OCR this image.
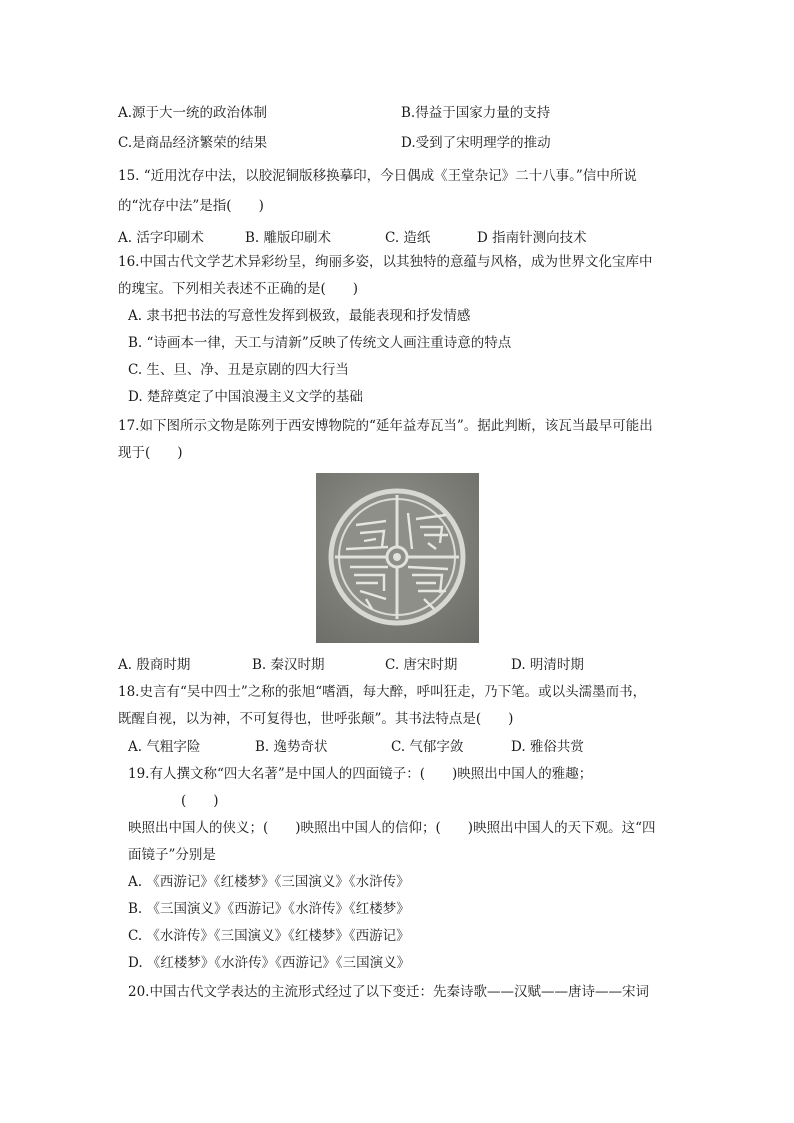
A.源于大一统的政治体制	B.得益于国家力量的支持
C.是商品经济繁荣的结果	D.受到了宋明理学的推动
15. “近用沈存中法，以胶泥铜版移换摹印，今日偶成《王堂杂记》二十八事。”信中所说
的“沈存中法”是指(　　)
A. 活字印刷术	B. 雕版印刷术	C. 造纸	D 指南针测向技术
16.中国古代文学艺术异彩纷呈，绚丽多姿，以其独特的意蕴与风格，成为世界文化宝库中
的瑰宝。下列相关表述不正确的是(　　)
A. 隶书把书法的写意性发挥到极致，最能表现和抒发情感
B. “诗画本一律，天工与清新”反映了传统文人画注重诗意的特点
C. 生、旦、净、丑是京剧的四大行当
D. 楚辞奠定了中国浪漫主义文学的基础
17.如下图所示文物是陈列于西安博物院的“延年益寿瓦当”。据此判断，该瓦当最早可能出
现于(　　)
A. 殷商时期	B. 秦汉时期	C. 唐宋时期	D. 明清时期
18.史言有“吴中四士”之称的张旭“嗜酒，每大醉，呼叫狂走，乃下笔。或以头濡墨而书，
既醒自视，以为神，不可复得也，世呼张颠”。其书法特点是(　　)
A. 气粗字险	B. 逸势奇状	C. 气郁字敛	D. 雅俗共赏
19.有人撰文称“四大名著”是中国人的四面镜子：(　　)映照出中国人的雅趣；
(　　)
映照出中国人的侠义；(　　)映照出中国人的信仰；(　　)映照出中国人的天下观。这“四
面镜子”分别是
A. 《西游记》《红楼梦》《三国演义》《水浒传》
B. 《三国演义》《西游记》《水浒传》《红楼梦》
C. 《水浒传》《三国演义》《红楼梦》《西游记》
D. 《红楼梦》《水浒传》《西游记》《三国演义》
20.中国古代文学表达的主流形式经过了以下变迁：先秦诗歌——汉赋——唐诗——宋词
